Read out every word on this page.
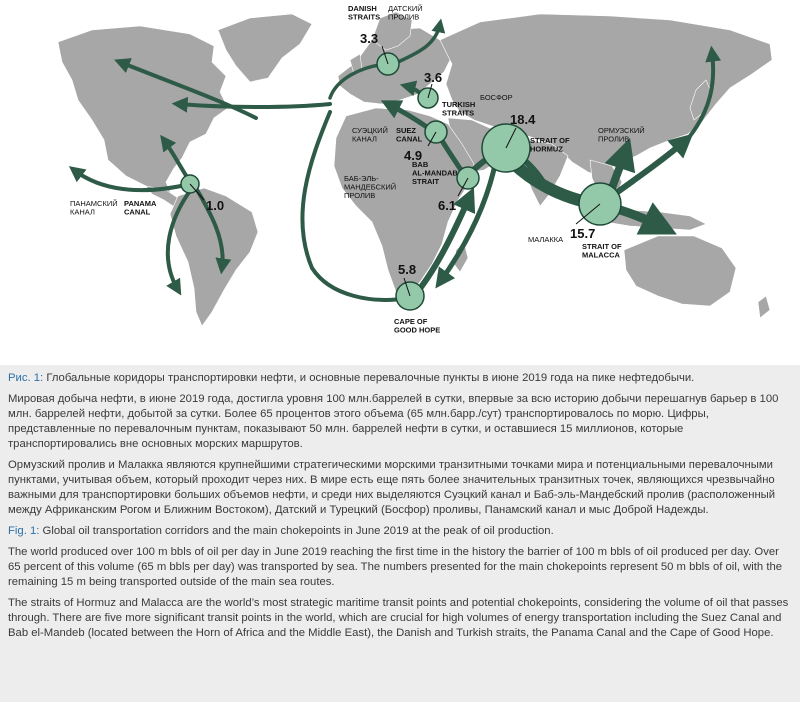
3.3
3.6
4.9
18.4
6.1
1.0
15.7
5.8
DANISH STRAITS
ДАТСКИЙ ПРОЛИВ
TURKISH STRAITS
БОСФОР
SUEZ CANAL
СУЭЦКИЙ КАНАЛ	STRAIT OF HORMUZ
ОРМУЗСКИЙ ПРОЛИВ
BAB AL-MANDAB STRAIT
БАБ-ЭЛЬ-МАНДЕБСКИЙ ПРОЛИВ
PANAMA CANAL
ПАНАМСКИЙ КАНАЛ
STRAIT OF MALACCA
МАЛАККА
CAPE OF GOOD HOPE

Рис. 1: Глобальные коридоры транспортировки нефти, и основные перевалочные пункты в июне 2019 года на пике нефтедобычи.

Мировая добыча нефти, в июне 2019 года, достигла уровня 100 млн.баррелей в сутки, впервые за всю историю добычи перешагнув барьер в 100 млн. баррелей нефти, добытой за сутки. Более 65 процентов этого объема (65 млн.барр./сут) транспортировалось по морю. Цифры, представленные по перевалочным пунктам, показывают 50 млн. баррелей нефти в сутки, и оставшиеся 15 миллионов, которые транспортировались вне основных морских маршрутов.

Ормузский пролив и Малакка являются крупнейшими стратегическими морскими транзитными точками мира и потенциальными перевалочными пунктами, учитывая объем, который проходит через них. В мире есть еще пять более значительных транзитных точек, являющихся чрезвычайно важными для транспортировки больших объемов нефти, и среди них выделяются Суэцкий канал и Баб-эль-Мандебский пролив (расположенный между Африканским Рогом и Ближним Востоком), Датский и Турецкий (Босфор) проливы, Панамский канал и мыс Доброй Надежды.

Fig. 1: Global oil transportation corridors and the main chokepoints in June 2019 at the peak of oil production.

The world produced over 100 m bbls of oil per day in June 2019 reaching the first time in the history the barrier of 100 m bbls of oil produced per day. Over 65 percent of this volume (65 m bbls per day) was transported by sea. The numbers presented for the main chokepoints represent 50 m bbls of oil, with the remaining 15 m being transported outside of the main sea routes.

The straits of Hormuz and Malacca are the world’s most strategic maritime transit points and potential chokepoints, considering the volume of oil that passes through. There are five more significant transit points in the world, which are crucial for high volumes of energy transportation including the Suez Canal and Bab el-Mandeb (located between the Horn of Africa and the Middle East), the Danish and Turkish straits, the Panama Canal and the Cape of Good Hope.
